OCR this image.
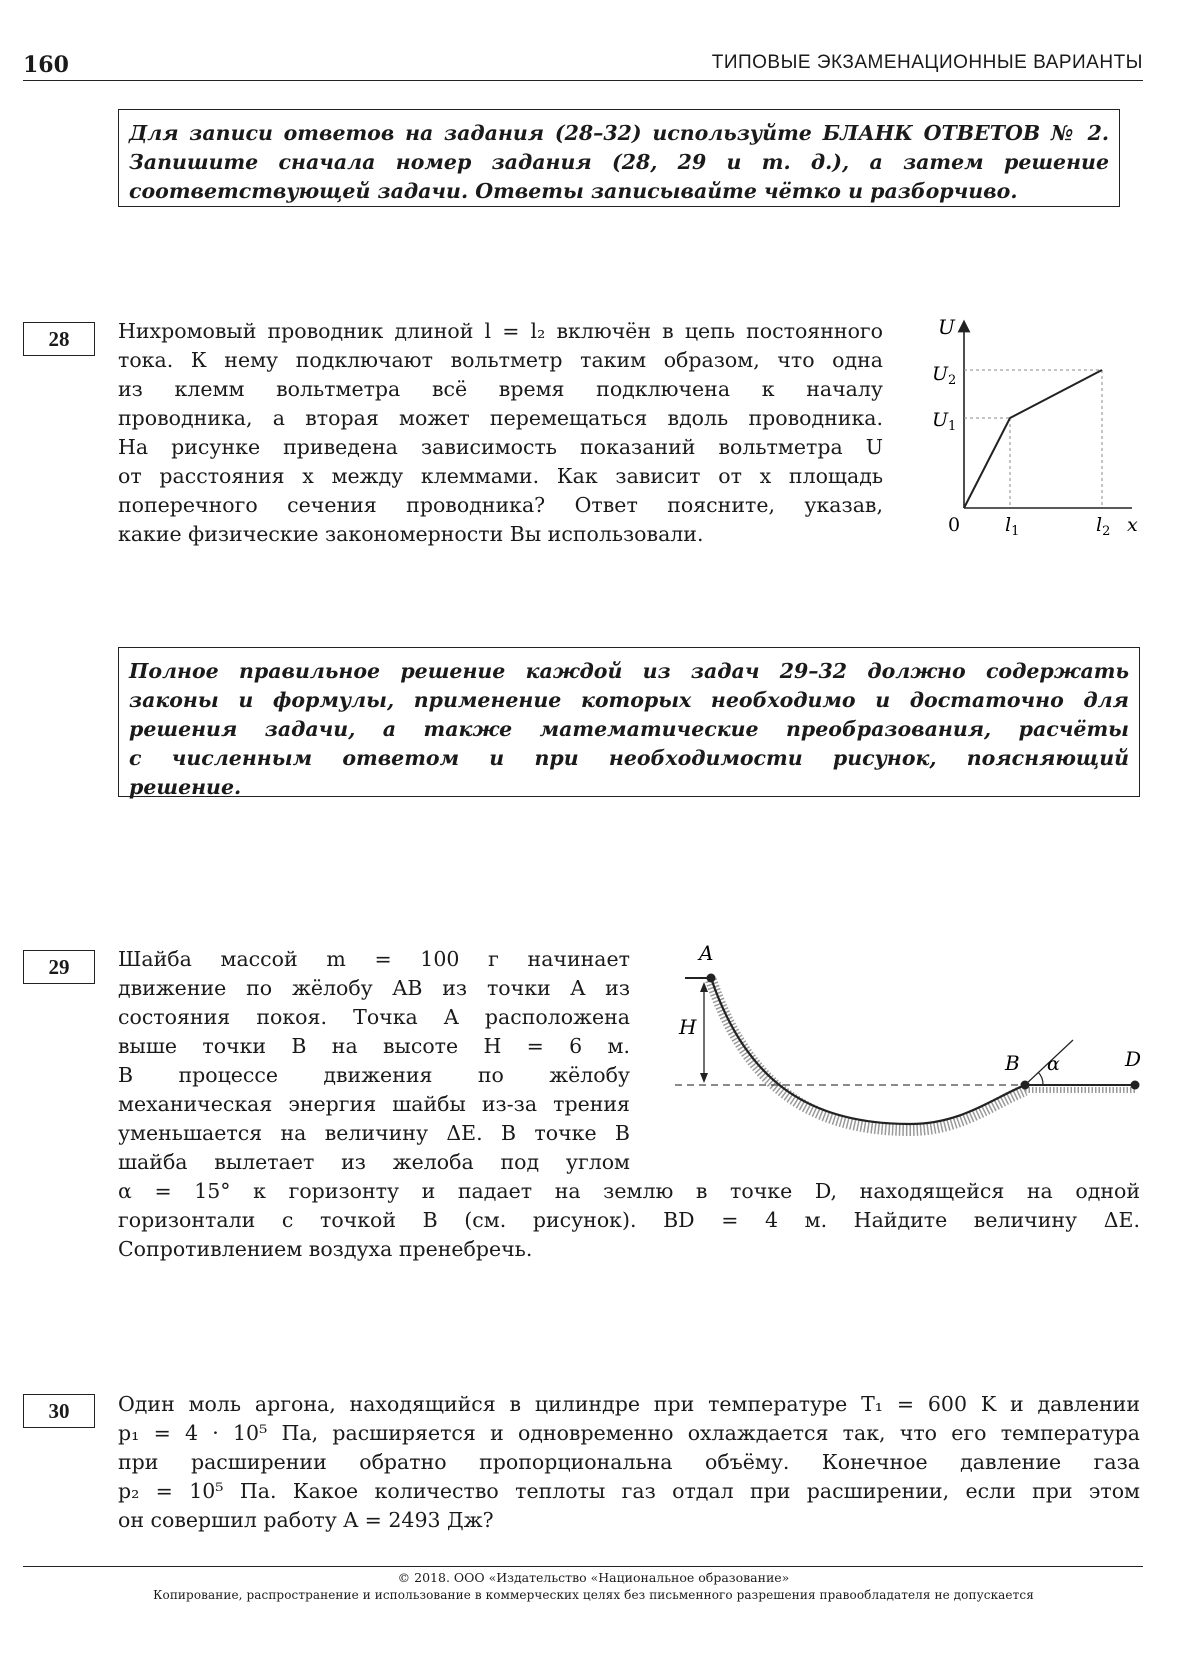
160	ТИПОВЫЕ ЭКЗАМЕНАЦИОННЫЕ ВАРИАНТЫ
Для записи ответов на задания (28–32) используйте БЛАНК ОТВЕТОВ № 2.
Запишите сначала номер задания (28, 29 и т. д.), а затем решение
соответствующей задачи. Ответы записывайте чётко и разборчиво.
28	Нихромовый проводник длиной l = l₂ включён в цепь постоянного
тока. К нему подключают вольтметр таким образом, что одна
из клемм вольтметра всё время подключена к началу
проводника, а вторая может перемещаться вдоль проводника.
На рисунке приведена зависимость показаний вольтметра U
от расстояния x между клеммами. Как зависит от x площадь
поперечного сечения проводника? Ответ поясните, указав,
какие физические закономерности Вы использовали.
U
$U_2$
$U_1$
0 $l_1$	$l_2$ x
Полное правильное решение каждой из задач 29–32 должно содержать
законы и формулы, применение которых необходимо и достаточно для
решения задачи, а также математические преобразования, расчёты
с численным ответом и при необходимости рисунок, поясняющий
решение.
29	Шайба массой m = 100 г начинает
движение по жёлобу AB из точки A из
состояния покоя. Точка A расположена
выше точки B на высоте H = 6 м.
В процессе движения по жёлобу
механическая энергия шайбы из-за трения
уменьшается на величину ΔE. В точке B
шайба вылетает из желоба под углом
α = 15° к горизонту и падает на землю в точке D, находящейся на одной
горизонтали с точкой B (см. рисунок). BD = 4 м. Найдите величину ΔE.
Сопротивлением воздуха пренебречь.
A
H
B α	D
30	Один моль аргона, находящийся в цилиндре при температуре T₁ = 600 K и давлении
p₁ = 4 · 10⁵ Па, расширяется и одновременно охлаждается так, что его температура
при расширении обратно пропорциональна объёму. Конечное давление газа
p₂ = 10⁵ Па. Какое количество теплоты газ отдал при расширении, если при этом
он совершил работу A = 2493 Дж?
© 2018. ООО «Издательство «Национальное образование»
Копирование, распространение и использование в коммерческих целях без письменного разрешения правообладателя не допускается
